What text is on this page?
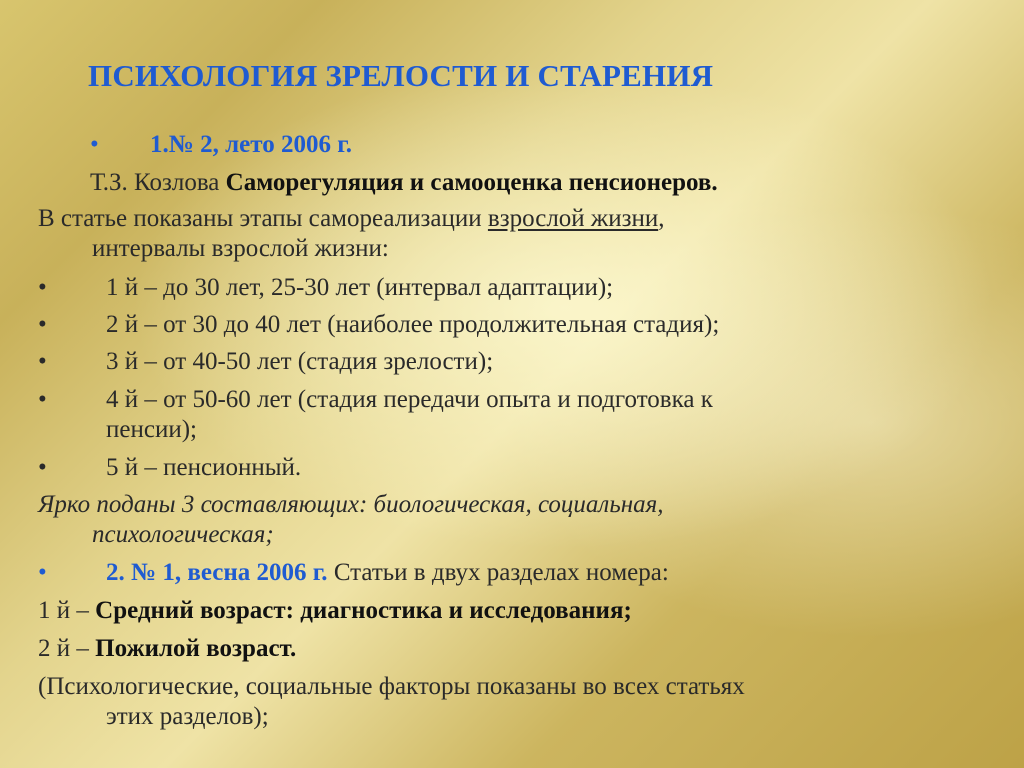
ПСИХОЛОГИЯ ЗРЕЛОСТИ И СТАРЕНИЯ
• 1.№ 2, лето 2006 г.
Т.З. Козлова Саморегуляция и самооценка пенсионеров.
В статье показаны этапы самореализации взрослой жизни,
интервалы взрослой жизни:
• 1 й – до 30 лет, 25-30 лет (интервал адаптации);
• 2 й – от 30 до 40 лет (наиболее продолжительная стадия);
• 3 й – от 40-50 лет (стадия зрелости);
• 4 й – от 50-60 лет (стадия передачи опыта и подготовка к
пенсии);
• 5 й – пенсионный.
Ярко поданы 3 составляющих: биологическая, социальная,
психологическая;
• 2. № 1, весна 2006 г. Статьи в двух разделах номера:
1 й – Средний возраст: диагностика и исследования;
2 й – Пожилой возраст.
(Психологические, социальные факторы показаны во всех статьях
этих разделов);
